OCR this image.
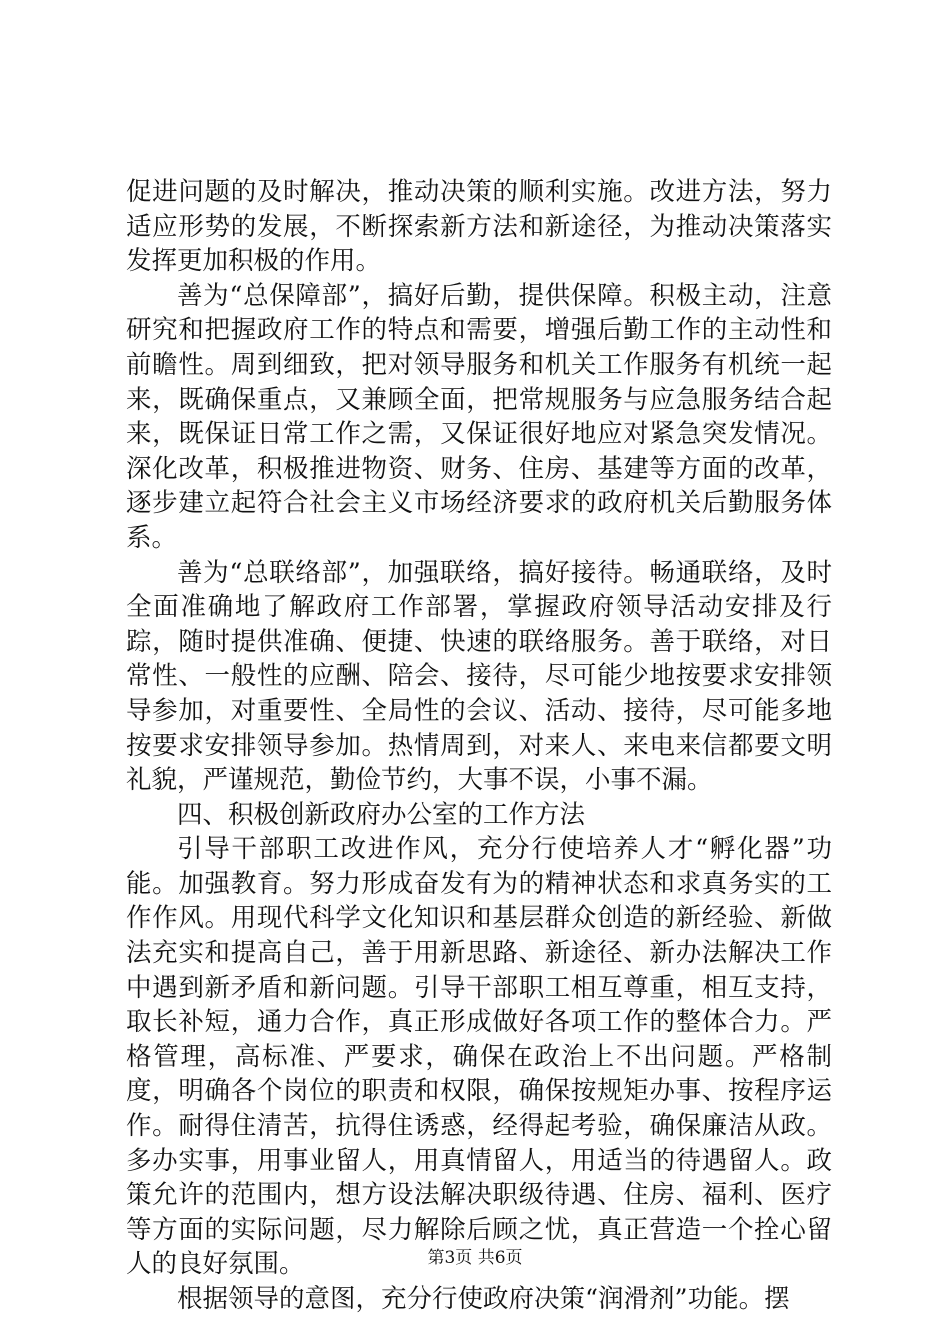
促进问题的及时解决，推动决策的顺利实施。改进方法，努力适应形势的发展，不断探索新方法和新途径，为推动决策落实发挥更加积极的作用。

善为“总保障部”，搞好后勤，提供保障。积极主动，注意研究和把握政府工作的特点和需要，增强后勤工作的主动性和前瞻性。周到细致，把对领导服务和机关工作服务有机统一起来，既确保重点，又兼顾全面，把常规服务与应急服务结合起来，既保证日常工作之需，又保证很好地应对紧急突发情况。深化改革，积极推进物资、财务、住房、基建等方面的改革，逐步建立起符合社会主义市场经济要求的政府机关后勤服务体系。

善为“总联络部”，加强联络，搞好接待。畅通联络，及时全面准确地了解政府工作部署，掌握政府领导活动安排及行踪，随时提供准确、便捷、快速的联络服务。善于联络，对日常性、一般性的应酬、陪会、接待，尽可能少地按要求安排领导参加，对重要性、全局性的会议、活动、接待，尽可能多地按要求安排领导参加。热情周到，对来人、来电来信都要文明礼貌，严谨规范，勤俭节约，大事不误，小事不漏。

四、积极创新政府办公室的工作方法

引导干部职工改进作风，充分行使培养人才“孵化器”功能。加强教育。努力形成奋发有为的精神状态和求真务实的工作作风。用现代科学文化知识和基层群众创造的新经验、新做法充实和提高自己，善于用新思路、新途径、新办法解决工作中遇到新矛盾和新问题。引导干部职工相互尊重，相互支持，取长补短，通力合作，真正形成做好各项工作的整体合力。严格管理，高标准、严要求，确保在政治上不出问题。严格制度，明确各个岗位的职责和权限，确保按规矩办事、按程序运作。耐得住清苦，抗得住诱惑，经得起考验，确保廉洁从政。多办实事，用事业留人，用真情留人，用适当的待遇留人。政策允许的范围内，想方设法解决职级待遇、住房、福利、医疗等方面的实际问题，尽力解除后顾之忧，真正营造一个拴心留人的良好氛围。

根据领导的意图，充分行使政府决策“润滑剂”功能。摆

第3页 共6页
